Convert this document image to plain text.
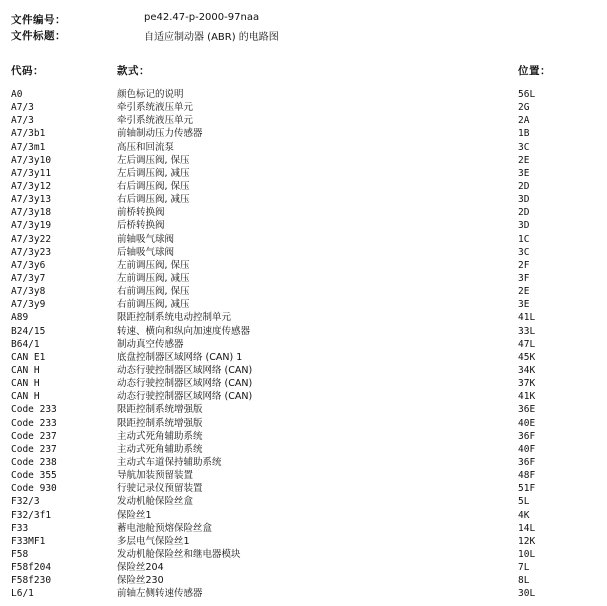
文件编号：	pe42.47-p-2000-97naa
文件标题：	自适应制动器 (ABR) 的电路图
代码：	款式：	位置：
A0	颜色标记的说明	56L
A7/3	牵引系统液压单元	2G
A7/3	牵引系统液压单元	2A
A7/3b1	前轴制动压力传感器	1B
A7/3m1	高压和回流泵	3C
A7/3y10	左后调压阀, 保压	2E
A7/3y11	左后调压阀, 减压	3E
A7/3y12	右后调压阀, 保压	2D
A7/3y13	右后调压阀, 减压	3D
A7/3y18	前桥转换阀	2D
A7/3y19	后桥转换阀	3D
A7/3y22	前轴吸气球阀	1C
A7/3y23	后轴吸气球阀	3C
A7/3y6	左前调压阀, 保压	2F
A7/3y7	左前调压阀, 减压	3F
A7/3y8	右前调压阀, 保压	2E
A7/3y9	右前调压阀, 减压	3E
A89	限距控制系统电动控制单元	41L
B24/15	转速、横向和纵向加速度传感器	33L
B64/1	制动真空传感器	47L
CAN E1	底盘控制器区域网络 (CAN) 1	45K
CAN H	动态行驶控制器区域网络 (CAN)	34K
CAN H	动态行驶控制器区域网络 (CAN)	37K
CAN H	动态行驶控制器区域网络 (CAN)	41K
Code 233	限距控制系统增强版	36E
Code 233	限距控制系统增强版	40E
Code 237	主动式死角辅助系统	36F
Code 237	主动式死角辅助系统	40F
Code 238	主动式车道保持辅助系统	36F
Code 355	导航加装预留装置	48F
Code 930	行驶记录仪预留装置	51F
F32/3	发动机舱保险丝盒	5L
F32/3f1	保险丝1	4K
F33	蓄电池舱预熔保险丝盒	14L
F33MF1	多层电气保险丝1	12K
F58	发动机舱保险丝和继电器模块	10L
F58f204	保险丝204	7L
F58f230	保险丝230	8L
L6/1	前轴左侧转速传感器	30L
